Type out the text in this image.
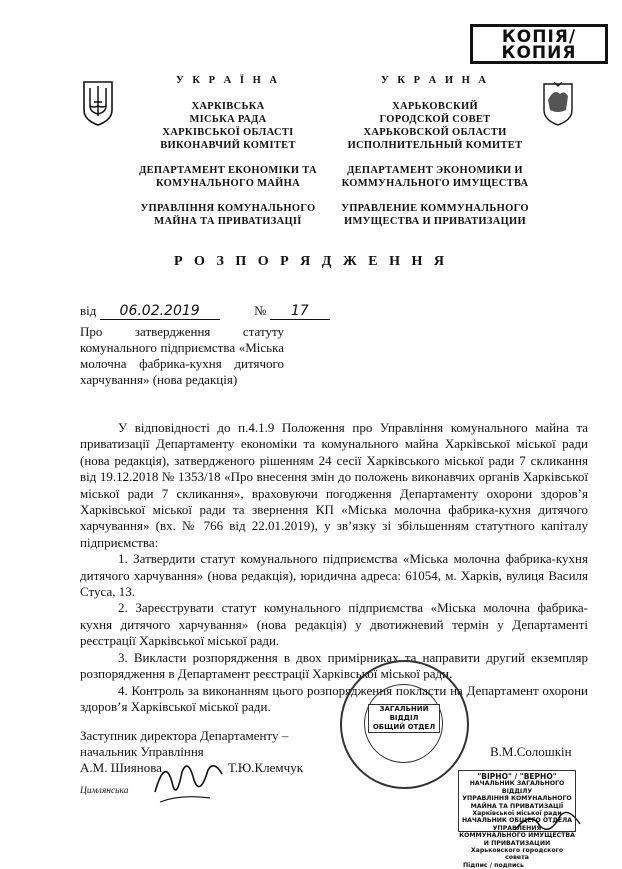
КОПІЯ/
КОПИЯ
У К Р А Ї Н А
ХАРКІВСЬКА
МІСЬКА РАДА
ХАРКІВСЬКОЇ ОБЛАСТІ
ВИКОНАВЧИЙ КОМІТЕТ
ДЕПАРТАМЕНТ ЕКОНОМІКИ ТА
КОМУНАЛЬНОГО МАЙНА
УПРАВЛІННЯ КОМУНАЛЬНОГО
МАЙНА ТА ПРИВАТИЗАЦІЇ
У К Р А И Н А
ХАРЬКОВСКИЙ
ГОРОДСКОЙ СОВЕТ
ХАРЬКОВСКОЙ ОБЛАСТИ
ИСПОЛНИТЕЛЬНЫЙ КОМИТЕТ
ДЕПАРТАМЕНТ ЭКОНОМИКИ И
КОММУНАЛЬНОГО ИМУЩЕСТВА
УПРАВЛЕНИЕ КОММУНАЛЬНОГО
ИМУЩЕСТВА И ПРИВАТИЗАЦИИ
Р О З П О Р Я Д Ж Е Н Н Я
від 06.02.2019	№ 17
Про затвердження статуту комунального підприємства «Міська молочна фабрика-кухня дитячого харчування» (нова редакція)

У відповідності до п.4.1.9 Положення про Управління комунального майна та приватизації Департаменту економіки та комунального майна Харківської міської ради (нова редакція), затвердженого рішенням 24 сесії Харківського міської ради 7 скликання від 19.12.2018 № 1353/18 «Про внесення змін до положень виконавчих органів Харківської міської ради 7 скликання», враховуючи погодження Департаменту охорони здоров’я Харківської міської ради та звернення КП «Міська молочна фабрика-кухня дитячого харчування» (вх. № 766 від 22.01.2019), у зв’язку зі збільшенням статутного капіталу підприємства:

1. Затвердити статут комунального підприємства «Міська молочна фабрика-кухня дитячого харчування» (нова редакція), юридична адреса: 61054, м. Харків, вулиця Василя Стуса, 13.

2. Зареєструвати статут комунального підприємства «Міська молочна фабрика-кухня дитячого харчування» (нова редакція) у двотижневий термін у Департаменті реєстрації Харківської міської ради.

3. Викласти розпорядження в двох примірниках та направити другий екземпляр розпорядження в Департамент реєстрації Харківської міської ради.

4. Контроль за виконанням цього розпорядження покласти на Департамент охорони здоров’я Харківської міської ради.	ЗАГАЛЬНИЙ
ВІДДІЛ
ОБЩИЙ ОТДЕЛ
Заступник директора Департаменту –
начальник Управління	В.М.Солошкін
А.М. Шиянова	Т.Ю.Клемчук
Цимлянська
"ВІРНО" / "ВЕРНО"
НАЧАЛЬНИК ЗАГАЛЬНОГО ВІДДІЛУ
УПРАВЛІННЯ КОМУНАЛЬНОГО МАЙНА ТА ПРИВАТИЗАЦІЇ
Харківської міської ради
НАЧАЛЬНИК ОБЩЕГО ОТДЕЛА
УПРАВЛЕНИЯ КОММУНАЛЬНОГО ИМУЩЕСТВА И ПРИВАТИЗАЦИИ
Харьковского городского совета
Підпис / подпись
